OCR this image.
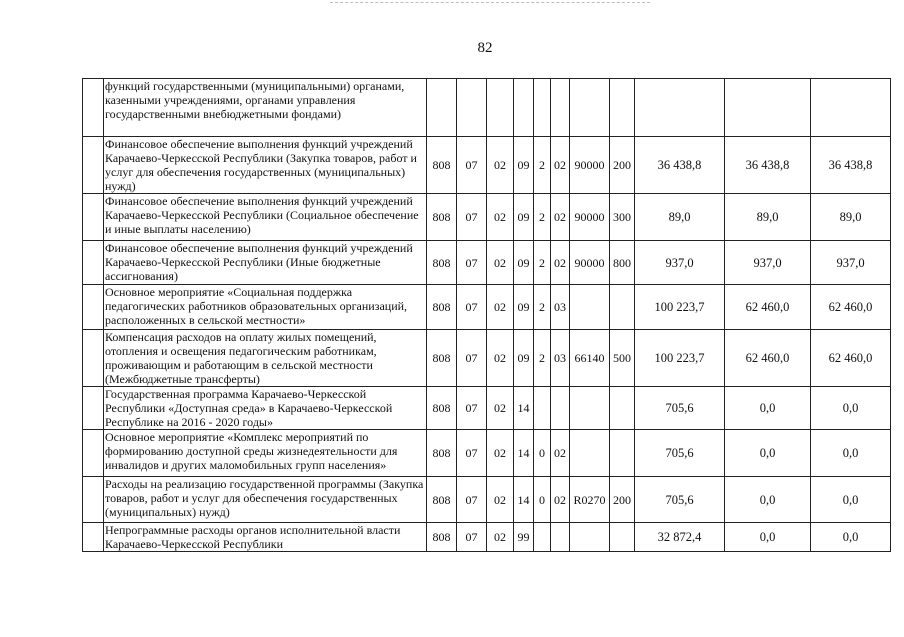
82
	функций государственными (муниципальными) органами, казенными учреждениями, органами управления государственными внебюджетными фондами)											
	Финансовое обеспечение выполнения функций учреждений Карачаево-Черкесской Республики (Закупка товаров, работ и услуг для обеспечения государственных (муниципальных) нужд)	808	07	02	09	2	02	90000	200	36 438,8	36 438,8	36 438,8
	Финансовое обеспечение выполнения функций учреждений Карачаево-Черкесской Республики (Социальное обеспечение и иные выплаты населению)	808	07	02	09	2	02	90000	300	89,0	89,0	89,0
	Финансовое обеспечение выполнения функций учреждений Карачаево-Черкесской Республики (Иные бюджетные ассигнования)	808	07	02	09	2	02	90000	800	937,0	937,0	937,0
	Основное мероприятие «Социальная поддержка педагогических работников образовательных организаций, расположенных в сельской местности»	808	07	02	09	2	03			100 223,7	62 460,0	62 460,0
	Компенсация расходов на оплату жилых помещений, отопления и освещения педагогическим работникам, проживающим и работающим в сельской местности (Межбюджетные трансферты)	808	07	02	09	2	03	66140	500	100 223,7	62 460,0	62 460,0
	Государственная программа Карачаево-Черкесской Республики «Доступная среда» в Карачаево-Черкесской Республике на 2016 - 2020 годы»	808	07	02	14					705,6	0,0	0,0
	Основное мероприятие «Комплекс мероприятий по формированию доступной среды жизнедеятельности для инвалидов и других маломобильных групп населения»	808	07	02	14	0	02			705,6	0,0	0,0
	Расходы на реализацию государственной программы (Закупка товаров, работ и услуг для обеспечения государственных (муниципальных) нужд)	808	07	02	14	0	02	R0270	200	705,6	0,0	0,0
	Непрограммные расходы органов исполнительной власти Карачаево-Черкесской Республики	808	07	02	99					32 872,4	0,0	0,0
